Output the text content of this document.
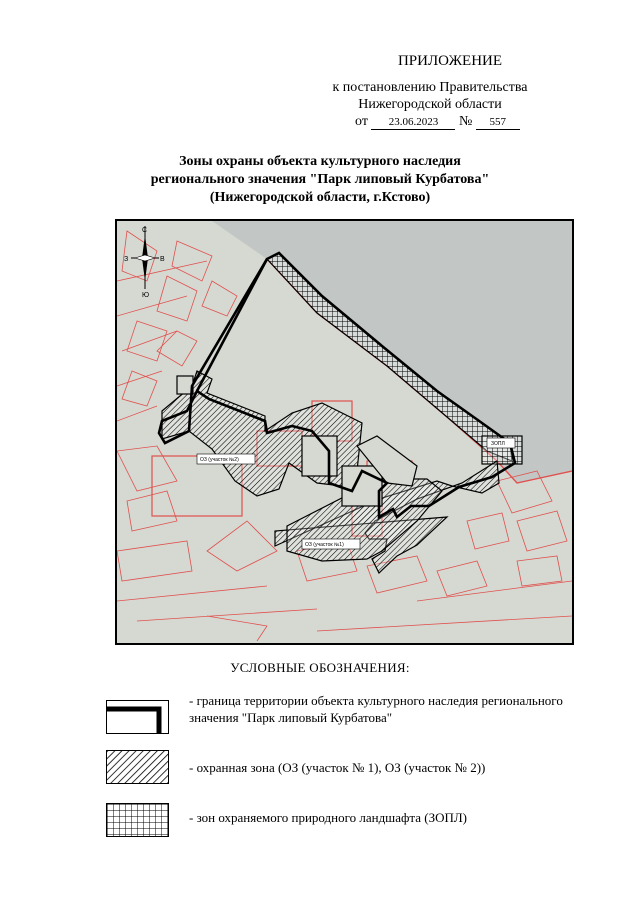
ПРИЛОЖЕНИЕ
к постановлению Правительства
Нижегородской области
от 23.06.2023 № 557
Зоны охраны объекта культурного наследия
регионального значения "Парк липовый Курбатова"
(Нижегородской области, г.Кстово)
ОЗ (участок №2)
ОЗ (участок №1)
ЗОПЛ
С
Ю
З	В
УСЛОВНЫЕ ОБОЗНАЧЕНИЯ:
- граница территории объекта культурного наследия регионального значения "Парк липовый Курбатова"
- охранная зона (ОЗ (участок № 1), ОЗ (участок № 2))
- зон охраняемого природного ландшафта (ЗОПЛ)
